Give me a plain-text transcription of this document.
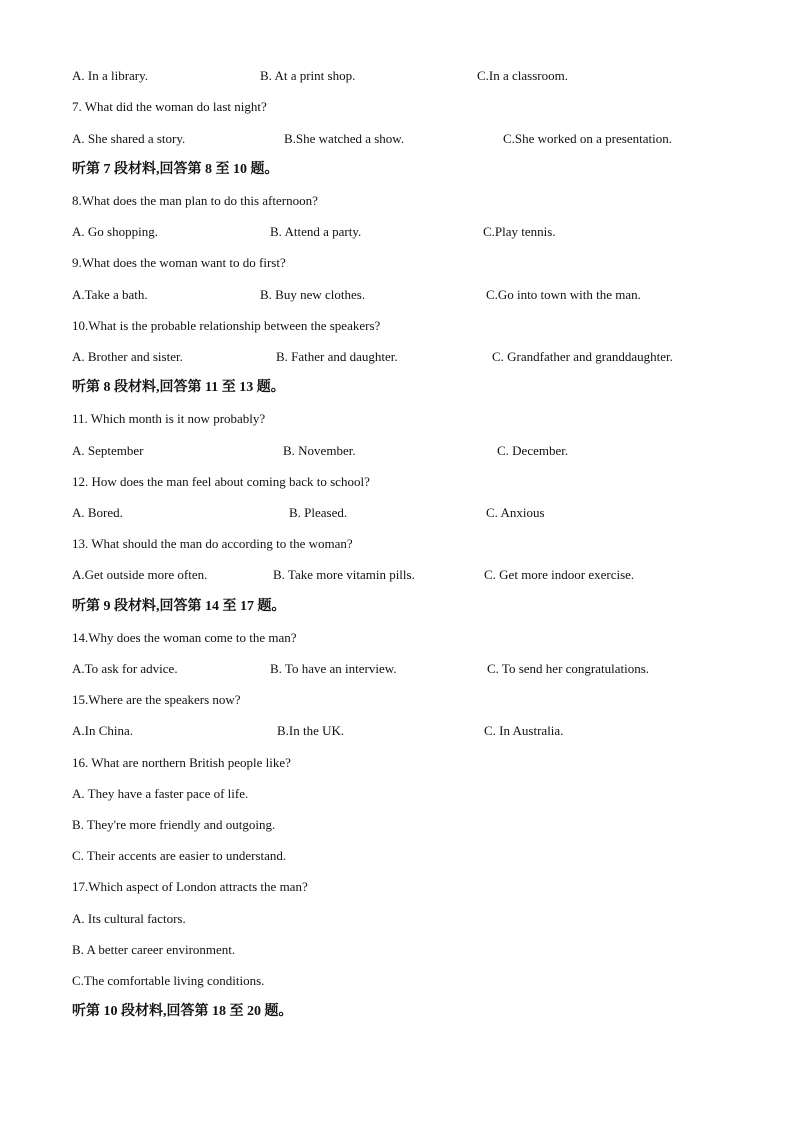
A. In a library.	B. At a print shop.	C.In a classroom.
7. What did the woman do last night?
A. She shared a story.	B.She watched a show.	C.She worked on a presentation.
听第 7 段材料,回答第 8 至 10 题。
8.What does the man plan to do this afternoon?
A. Go shopping.	B. Attend a party.	C.Play tennis.
9.What does the woman want to do first?
A.Take a bath.	B. Buy new clothes.	C.Go into town with the man.
10.What is the probable relationship between the speakers?
A. Brother and sister.	B. Father and daughter.	C. Grandfather and granddaughter.
听第 8 段材料,回答第 11 至 13 题。
11. Which month is it now probably?
A. September	B. November.	C. December.
12. How does the man feel about coming back to school?
A. Bored.	B. Pleased.	C. Anxious
13. What should the man do according to the woman?
A.Get outside more often.	B. Take more vitamin pills.	C. Get more indoor exercise.
听第 9 段材料,回答第 14 至 17 题。
14.Why does the woman come to the man?
A.To ask for advice.	B. To have an interview.	C. To send her congratulations.
15.Where are the speakers now?
A.In China.	B.In the UK.	C. In Australia.
16. What are northern British people like?
A. They have a faster pace of life.
B. They're more friendly and outgoing.
C. Their accents are easier to understand.
17.Which aspect of London attracts the man?
A. Its cultural factors.
B. A better career environment.
C.The comfortable living conditions.
听第 10 段材料,回答第 18 至 20 题。
